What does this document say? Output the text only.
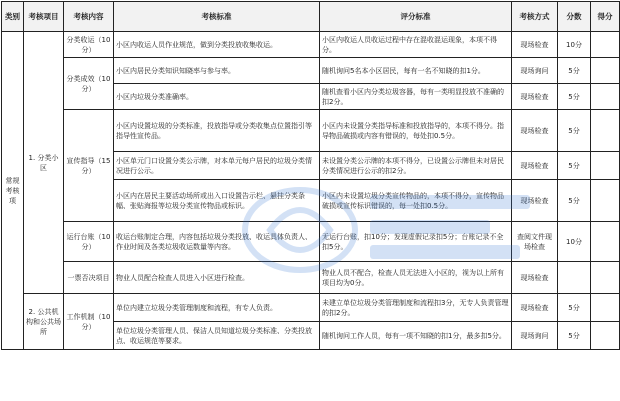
类别	考核项目	考核内容	考核标准	评分标准	考核方式	分数	得分
常规考核项	1. 分类小区	分类收运（10分）	小区内收运人员作业规范，做到分类投放收集收运。	小区内收运人员收运过程中存在混收混运现象，本项不得分。	现场检查	10分	
		分类成效（10分）	小区内居民分类知识知晓率与参与率。	随机询问5名本小区居民，每有一名不知晓的扣1分。	现场询问	5分	
			小区内垃圾分类准确率。	随机查看小区内分类垃圾容器，每有一类明显投放不准确的扣2分。	现场检查	5分	
		宣传指导（15分）	小区内设置垃圾的分类标准，投放指导或分类收集点位置指引等指导性宣传品。	小区内未设置分类指导标准和投放指导的，本项不得分。指导物品破损或内容有错误的，每处扣0.5分。	现场检查	5分	
			小区单元门口设置分类公示牌，对本单元每户居民的垃圾分类情况进行公示。	未设置分类公示牌的本项不得分，已设置公示牌但未对居民分类情况进行公示的扣2分。	现场检查	5分	
			小区内在居民主要活动场所或出入口设置告示栏、悬挂分类条幅、张贴海报等垃圾分类宣传物品或标识。	小区内未设置垃圾分类宣传物品的，本项不得分，宣传物品破损或宣传标识错误的，每一处扣0.5分。	现场检查	5分	
		运行台账（10分）	收运台账制定合理，内容包括垃圾分类投放、收运具体负责人、作业时间及各类垃圾收运数量等内容。	无运行台账，扣10分；发现虚假记录扣5分；台账记录不全扣5分。	查阅文件现场检查	10分	
		一票否决项目	物业人员配合检查人员进入小区进行检查。	物业人员不配合，检查人员无法进入小区的，视为以上所有项目均为0分。	现场检查		
	2. 公共机构和公共场所	工作机制（10分）	单位内建立垃圾分类管理制度和流程，有专人负责。	未建立单位垃圾分类管理制度和流程扣3分，无专人负责管理的扣2分。	现场检查	5分	
			单位垃圾分类管理人员、保洁人员知道垃圾分类标准、分类投放点、收运规范等要求。	随机询问工作人员，每有一项不知晓的扣1分，最多扣5分。	现场询问	5分	
